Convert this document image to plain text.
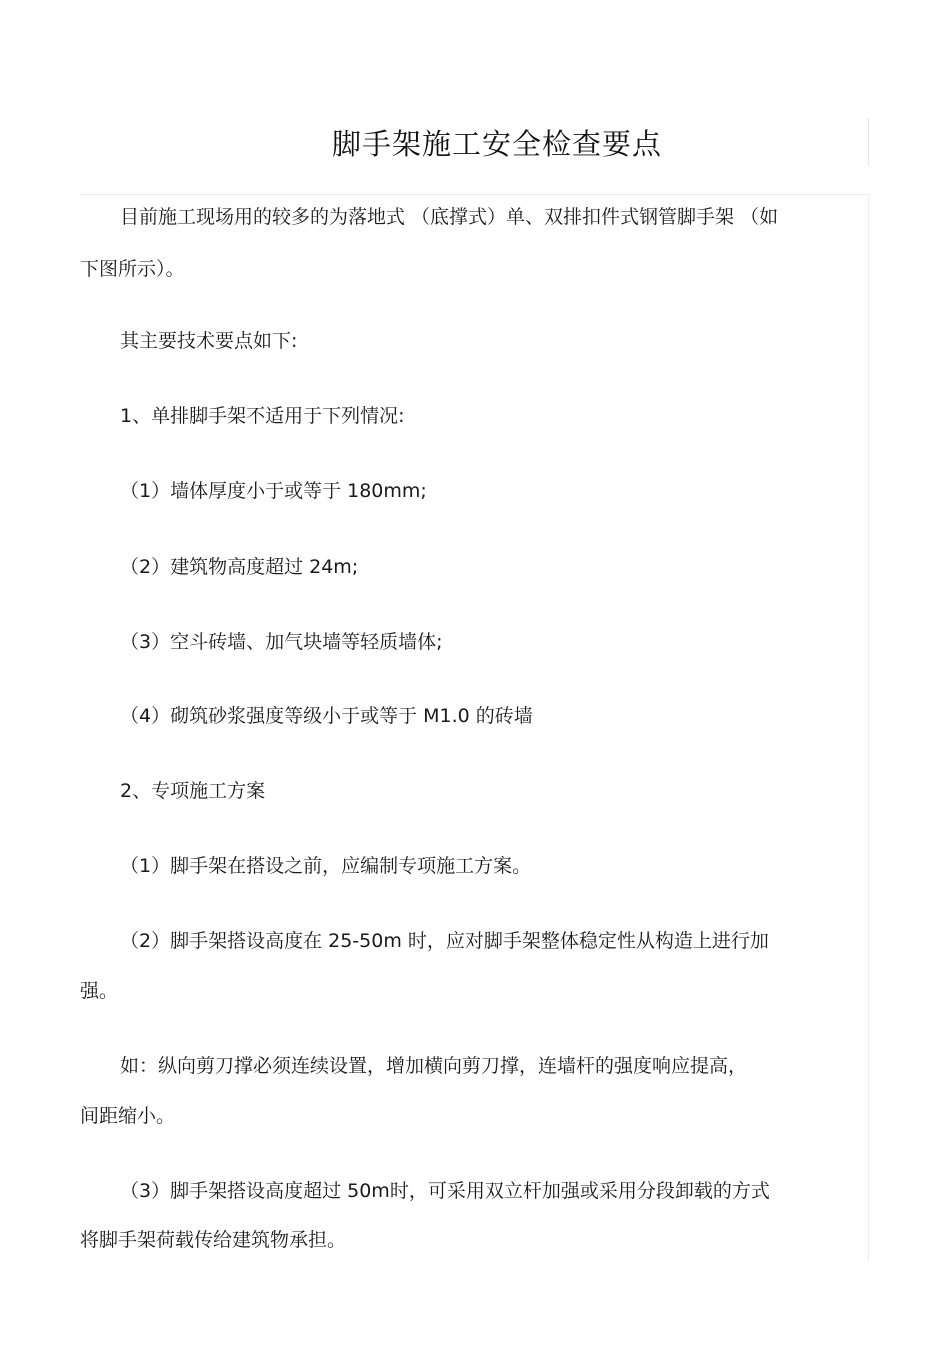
脚手架施工安全检查要点
目前施工现场用的较多的为落地式 （底撑式）单、双排扣件式钢管脚手架 （如
下图所示）。
其主要技术要点如下:
1、单排脚手架不适用于下列情况:
（1）墙体厚度小于或等于 180mm;
（2）建筑物高度超过 24m;
（3）空斗砖墙、加气块墙等轻质墙体;
（4）砌筑砂浆强度等级小于或等于 M1.0 的砖墙
2、专项施工方案
（1）脚手架在搭设之前，应编制专项施工方案。
（2）脚手架搭设高度在 25-50m 时，应对脚手架整体稳定性从构造上进行加
强。
如：纵向剪刀撑必须连续设置，增加横向剪刀撑，连墙杆的强度响应提高，
间距缩小。
（3）脚手架搭设高度超过 50m时，可采用双立杆加强或采用分段卸载的方式
将脚手架荷载传给建筑物承担。
